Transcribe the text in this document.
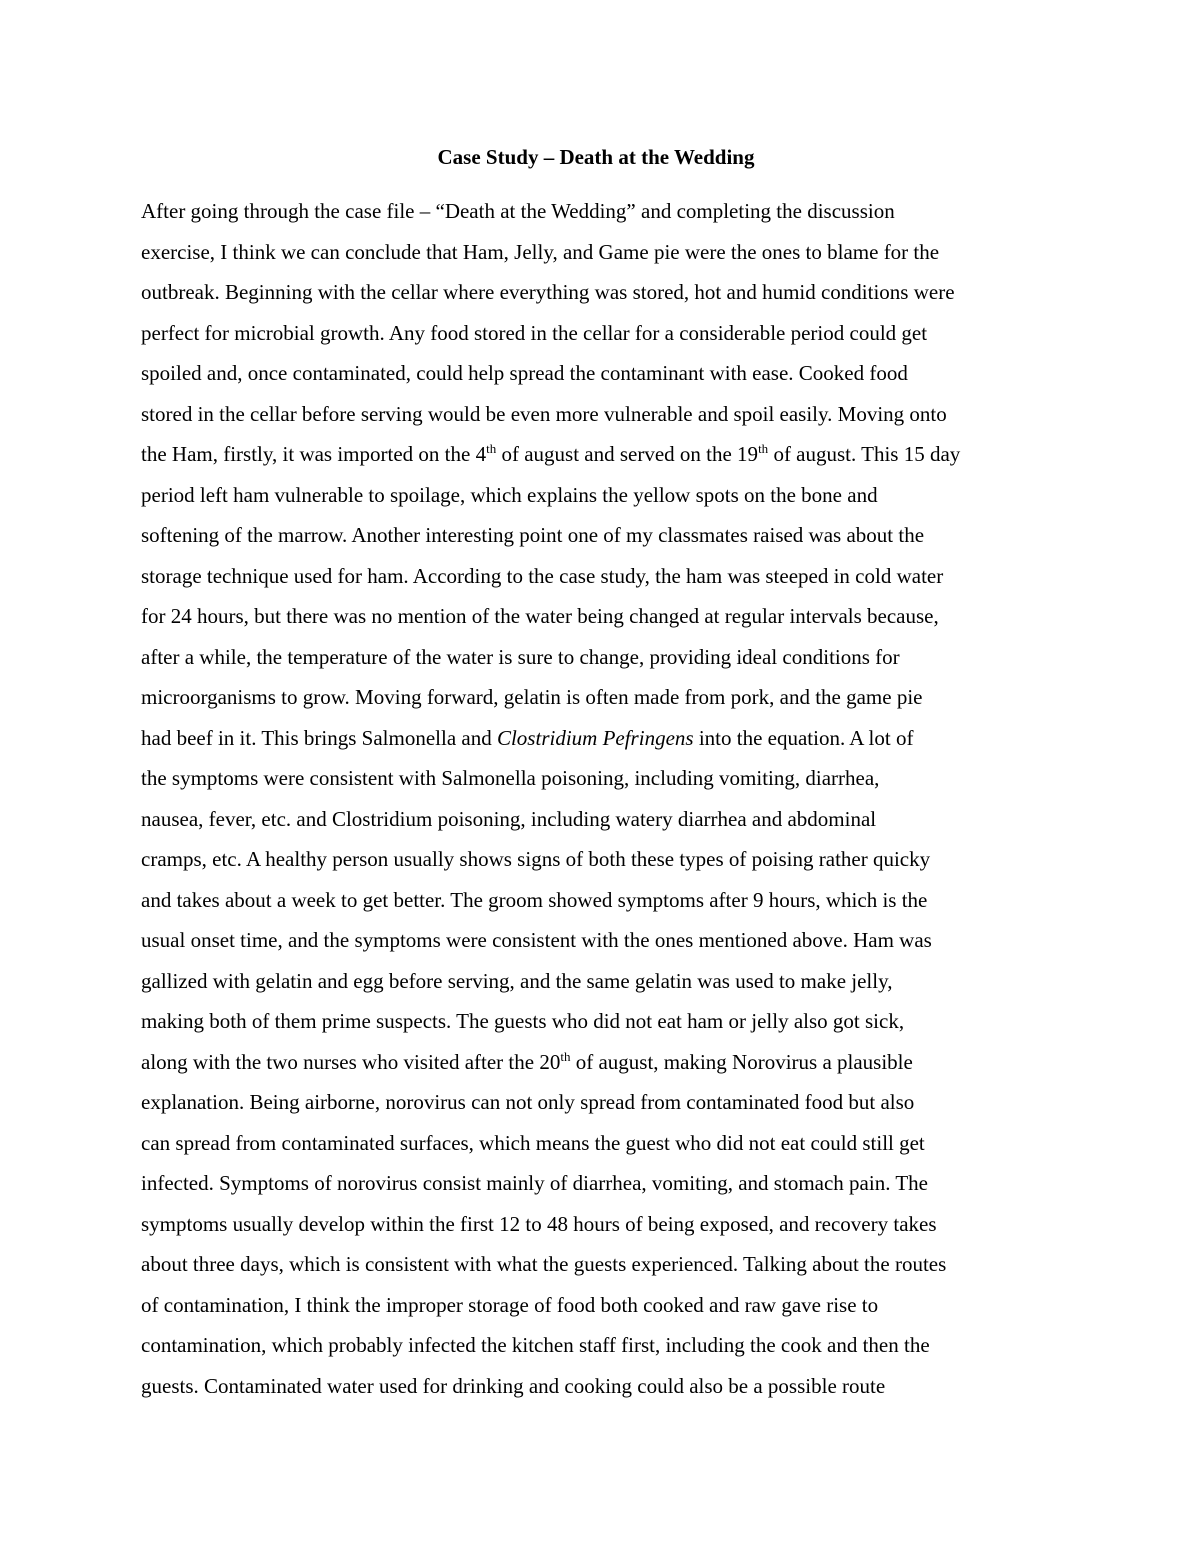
Case Study – Death at the Wedding
After going through the case file – “Death at the Wedding” and completing the discussion
exercise, I think we can conclude that Ham, Jelly, and Game pie were the ones to blame for the
outbreak. Beginning with the cellar where everything was stored, hot and humid conditions were
perfect for microbial growth. Any food stored in the cellar for a considerable period could get
spoiled and, once contaminated, could help spread the contaminant with ease. Cooked food
stored in the cellar before serving would be even more vulnerable and spoil easily. Moving onto
the Ham, firstly, it was imported on the 4th of august and served on the 19th of august. This 15 day
period left ham vulnerable to spoilage, which explains the yellow spots on the bone and
softening of the marrow. Another interesting point one of my classmates raised was about the
storage technique used for ham. According to the case study, the ham was steeped in cold water
for 24 hours, but there was no mention of the water being changed at regular intervals because,
after a while, the temperature of the water is sure to change, providing ideal conditions for
microorganisms to grow. Moving forward, gelatin is often made from pork, and the game pie
had beef in it. This brings Salmonella and Clostridium Pefringens into the equation. A lot of
the symptoms were consistent with Salmonella poisoning, including vomiting, diarrhea,
nausea, fever, etc. and Clostridium poisoning, including watery diarrhea and abdominal
cramps, etc. A healthy person usually shows signs of both these types of poising rather quicky
and takes about a week to get better. The groom showed symptoms after 9 hours, which is the
usual onset time, and the symptoms were consistent with the ones mentioned above. Ham was
gallized with gelatin and egg before serving, and the same gelatin was used to make jelly,
making both of them prime suspects. The guests who did not eat ham or jelly also got sick,
along with the two nurses who visited after the 20th of august, making Norovirus a plausible
explanation. Being airborne, norovirus can not only spread from contaminated food but also
can spread from contaminated surfaces, which means the guest who did not eat could still get
infected. Symptoms of norovirus consist mainly of diarrhea, vomiting, and stomach pain. The
symptoms usually develop within the first 12 to 48 hours of being exposed, and recovery takes
about three days, which is consistent with what the guests experienced. Talking about the routes
of contamination, I think the improper storage of food both cooked and raw gave rise to
contamination, which probably infected the kitchen staff first, including the cook and then the
guests. Contaminated water used for drinking and cooking could also be a possible route
